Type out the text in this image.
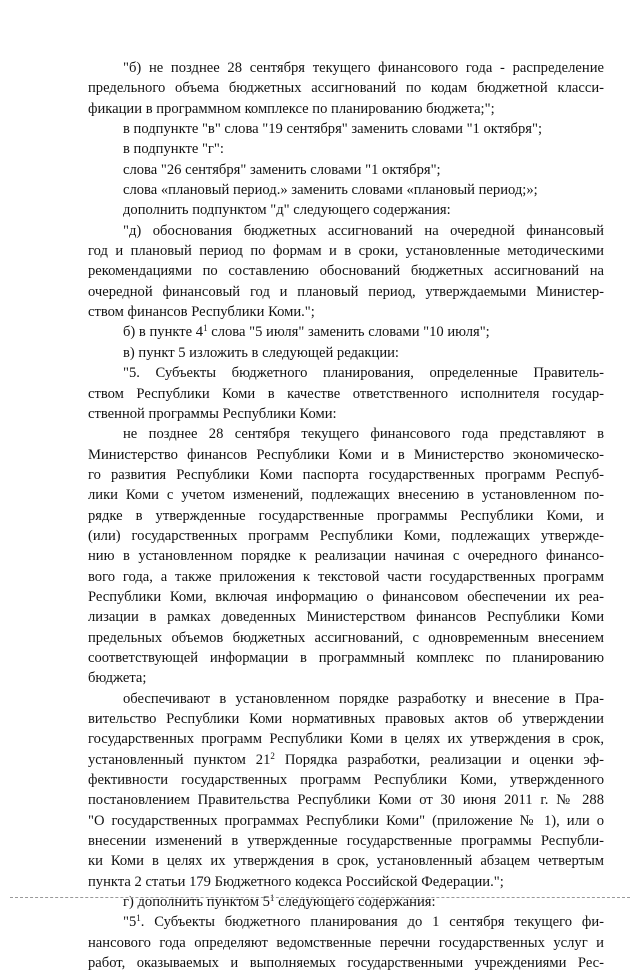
"б) не позднее 28 сентября текущего финансового года - распределение
предельного объема бюджетных ассигнований по кодам бюджетной класси-
фикации в программном комплексе по планированию бюджета;";
в подпункте "в" слова "19 сентября" заменить словами "1 октября";
в подпункте "г":
слова "26 сентября" заменить словами "1 октября";
слова «плановый период.» заменить словами «плановый период;»;
дополнить подпунктом "д" следующего содержания:
"д) обоснования бюджетных ассигнований на очередной финансовый
год и плановый период по формам и в сроки, установленные методическими
рекомендациями по составлению обоснований бюджетных ассигнований на
очередной финансовый год и плановый период, утверждаемыми Министер-
ством финансов Республики Коми.";
б) в пункте $4^1$ слова "5 июля" заменить словами "10 июля";
в) пункт 5 изложить в следующей редакции:
"5. Субъекты бюджетного планирования, определенные Правитель-
ством Республики Коми в качестве ответственного исполнителя государ-
ственной программы Республики Коми:
не позднее 28 сентября текущего финансового года представляют в
Министерство финансов Республики Коми и в Министерство экономическо-
го развития Республики Коми паспорта государственных программ Респуб-
лики Коми с учетом изменений, подлежащих внесению в установленном по-
рядке в утвержденные государственные программы Республики Коми, и
(или) государственных программ Республики Коми, подлежащих утвержде-
нию в установленном порядке к реализации начиная с очередного финансо-
вого года, а также приложения к текстовой части государственных программ
Республики Коми, включая информацию о финансовом обеспечении их реа-
лизации в рамках доведенных Министерством финансов Республики Коми
предельных объемов бюджетных ассигнований, с одновременным внесением
соответствующей информации в программный комплекс по планированию
бюджета;
обеспечивают в установленном порядке разработку и внесение в Пра-
вительство Республики Коми нормативных правовых актов об утверждении
государственных программ Республики Коми в целях их утверждения в срок,
установленный пунктом $21^2$ Порядка разработки, реализации и оценки эф-
фективности государственных программ Республики Коми, утвержденного
постановлением Правительства Республики Коми от 30 июня 2011 г. № 288
"О государственных программах Республики Коми" (приложение № 1), или о
внесении изменений в утвержденные государственные программы Республи-
ки Коми в целях их утверждения в срок, установленный абзацем четвертым
пункта 2 статьи 179 Бюджетного кодекса Российской Федерации.";
г) дополнить пунктом $5^1$ следующего содержания:
"$5^1$. Субъекты бюджетного планирования до 1 сентября текущего фи-
нансового года определяют ведомственные перечни государственных услуг и
работ, оказываемых и выполняемых государственными учреждениями Рес-
